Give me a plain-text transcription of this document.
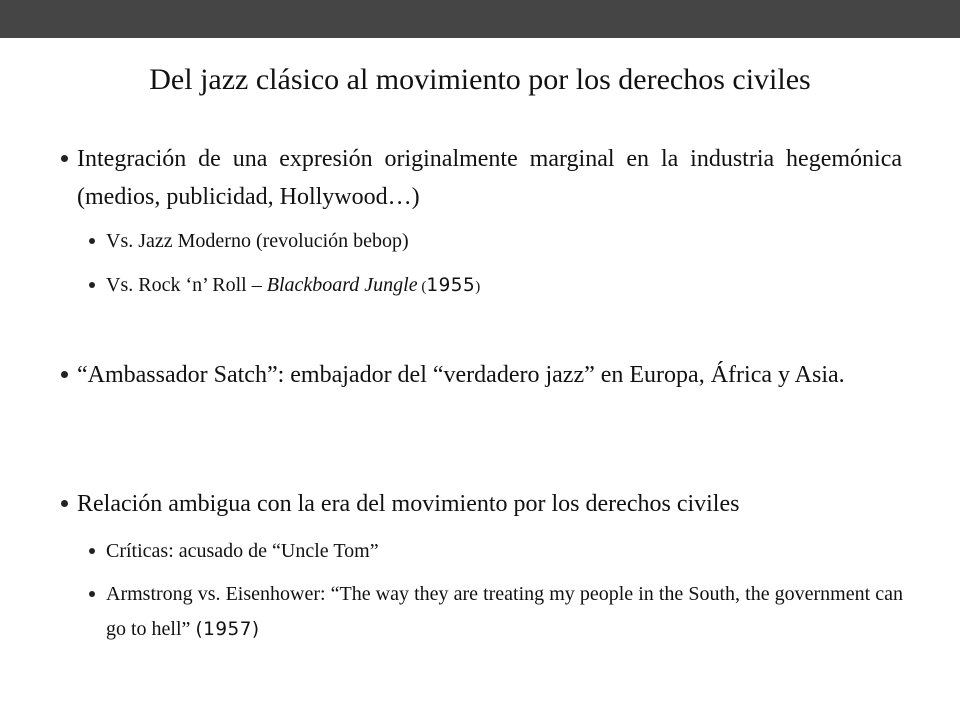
Del jazz clásico al movimiento por los derechos civiles
Integración de una expresión originalmente marginal en la industria hegemónica (medios, publicidad, Hollywood…)
Vs. Jazz Moderno (revolución bebop)
Vs. Rock ‘n’ Roll – Blackboard Jungle (1955)
“Ambassador Satch”: embajador del “verdadero jazz” en Europa, África y Asia.
Relación ambigua con la era del movimiento por los derechos civiles
Críticas: acusado de “Uncle Tom”
Armstrong vs. Eisenhower: “The way they are treating my people in the South, the government can go to hell” (1957)
